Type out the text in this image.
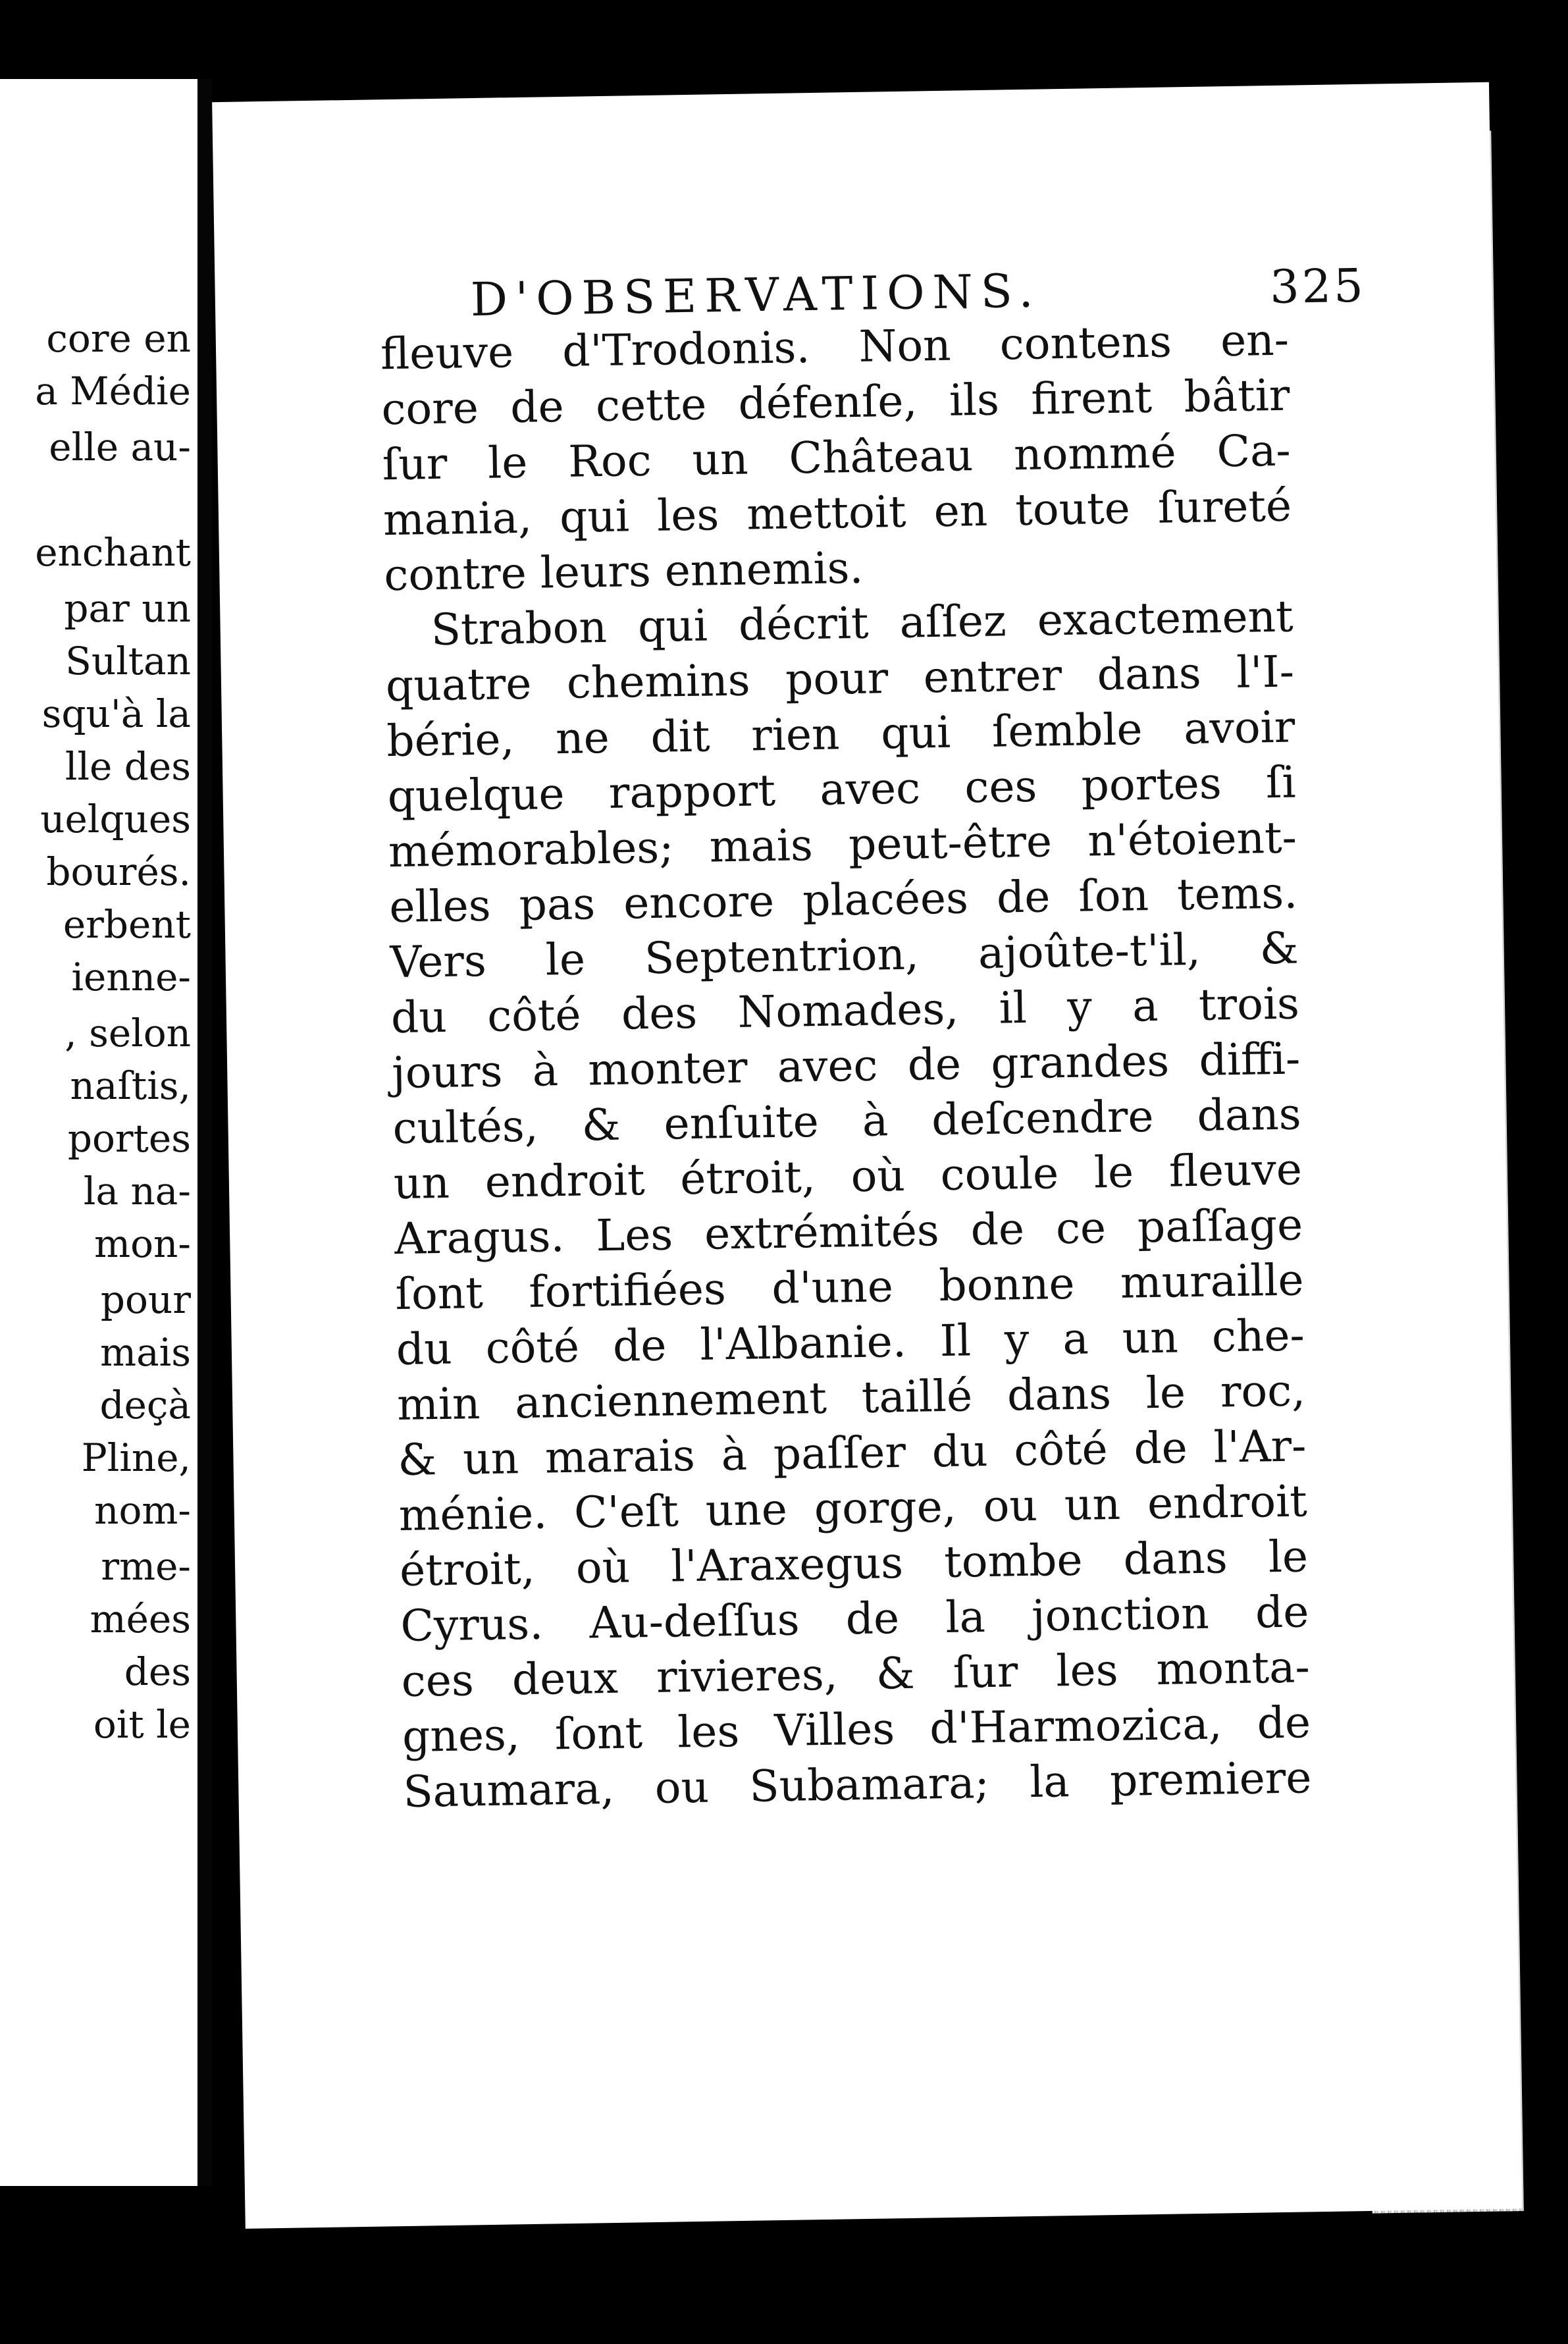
core en
a Médie
elle au-
enchant
par un
Sultan
squ'à la
lle des
uelques
bourés.
erbent
ienne-
, selon
naſtis,
portes
la na-
mon-
pour
mais
deçà
Pline,
nom-
rme-
mées
des
oit le
D'OBSERVATIONS.	325
fleuve d'Trodonis. Non contens en-
core de cette défenſe, ils firent bâtir
ſur le Roc un Château nommé Ca-
mania, qui les mettoit en toute ſureté
contre leurs ennemis.
Strabon qui décrit aſſez exactement
quatre chemins pour entrer dans l'I-
bérie, ne dit rien qui ſemble avoir
quelque rapport avec ces portes ſi
mémorables; mais peut-être n'étoient-
elles pas encore placées de ſon tems.
Vers le Septentrion, ajoûte-t'il, &
du côté des Nomades, il y a trois
jours à monter avec de grandes diffi-
cultés, & enſuite à deſcendre dans
un endroit étroit, où coule le fleuve
Aragus. Les extrémités de ce paſſage
ſont fortifiées d'une bonne muraille
du côté de l'Albanie. Il y a un che-
min anciennement taillé dans le roc,
& un marais à paſſer du côté de l'Ar-
ménie. C'eſt une gorge, ou un endroit
étroit, où l'Araxegus tombe dans le
Cyrus. Au-deſſus de la jonction de
ces deux rivieres, & ſur les monta-
gnes, ſont les Villes d'Harmozica, de
Saumara, ou Subamara; la premiere
